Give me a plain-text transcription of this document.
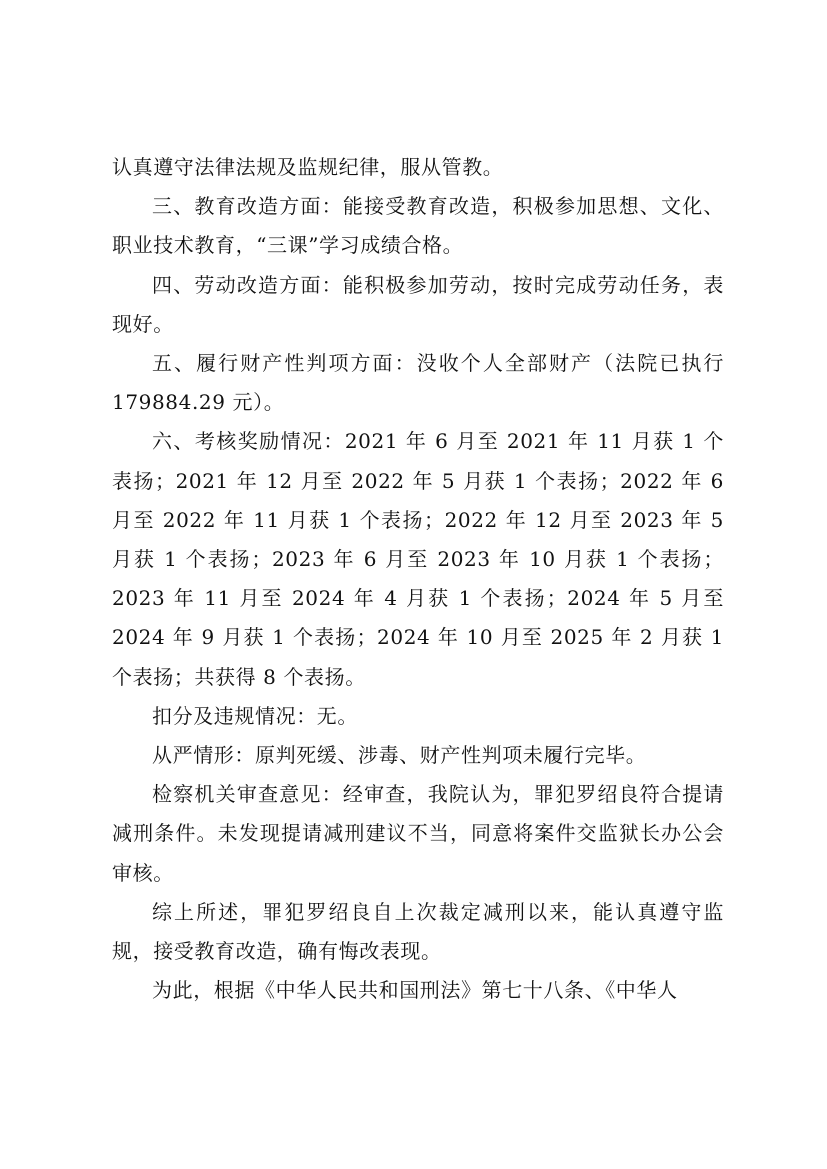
认真遵守法律法规及监规纪律，服从管教。

三、教育改造方面：能接受教育改造，积极参加思想、文化、职业技术教育，“三课”学习成绩合格。

四、劳动改造方面：能积极参加劳动，按时完成劳动任务，表现好。

五、履行财产性判项方面：没收个人全部财产（法院已执行 179884.29 元）。

六、考核奖励情况：2021 年 6 月至 2021 年 11 月获 1 个表扬；2021 年 12 月至 2022 年 5 月获 1 个表扬；2022 年 6 月至 2022 年 11 月获 1 个表扬；2022 年 12 月至 2023 年 5 月获 1 个表扬；2023 年 6 月至 2023 年 10 月获 1 个表扬；2023 年 11 月至 2024 年 4 月获 1 个表扬；2024 年 5 月至 2024 年 9 月获 1 个表扬；2024 年 10 月至 2025 年 2 月获 1 个表扬；共获得 8 个表扬。

扣分及违规情况：无。

从严情形：原判死缓、涉毒、财产性判项未履行完毕。

检察机关审查意见：经审查，我院认为，罪犯罗绍良符合提请减刑条件。未发现提请减刑建议不当，同意将案件交监狱长办公会审核。

综上所述，罪犯罗绍良自上次裁定减刑以来，能认真遵守监规，接受教育改造，确有悔改表现。

为此，根据《中华人民共和国刑法》第七十八条、《中华人
